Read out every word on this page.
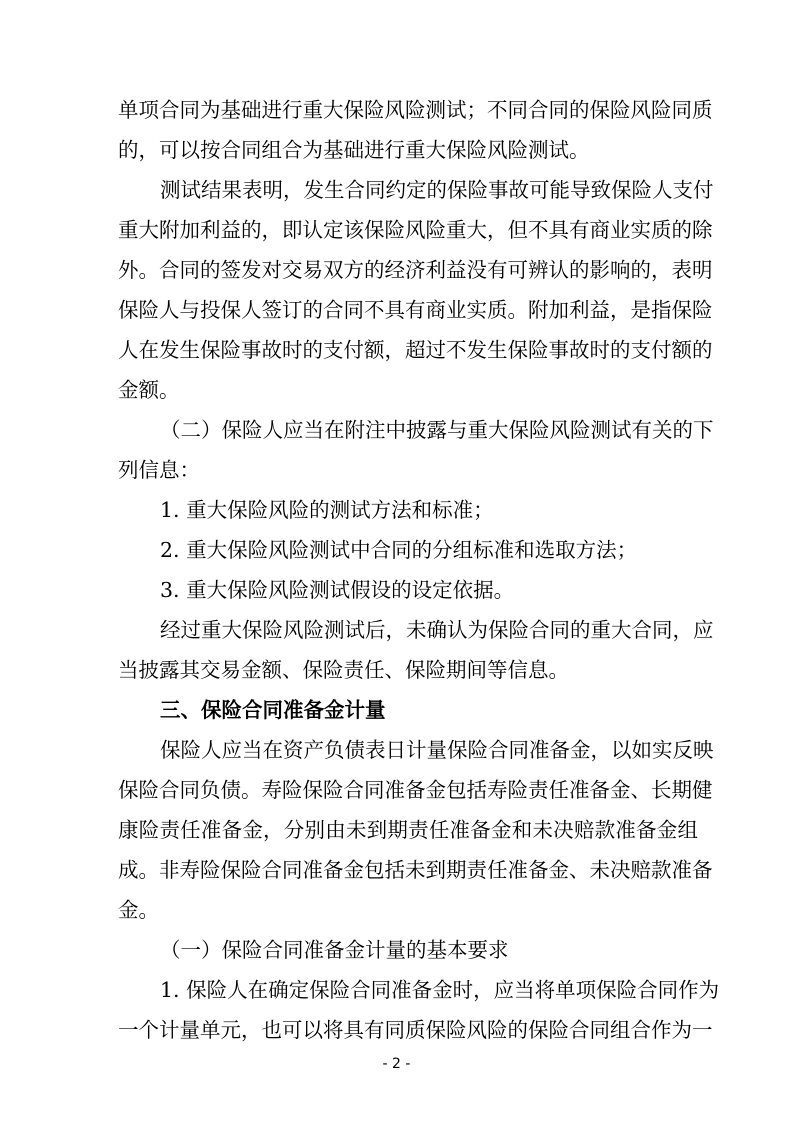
单项合同为基础进行重大保险风险测试；不同合同的保险风险同质
的，可以按合同组合为基础进行重大保险风险测试。
测试结果表明，发生合同约定的保险事故可能导致保险人支付
重大附加利益的，即认定该保险风险重大，但不具有商业实质的除
外。合同的签发对交易双方的经济利益没有可辨认的影响的，表明
保险人与投保人签订的合同不具有商业实质。附加利益，是指保险
人在发生保险事故时的支付额，超过不发生保险事故时的支付额的
金额。
（二）保险人应当在附注中披露与重大保险风险测试有关的下
列信息：
1. 重大保险风险的测试方法和标准；
2. 重大保险风险测试中合同的分组标准和选取方法；
3. 重大保险风险测试假设的设定依据。
经过重大保险风险测试后，未确认为保险合同的重大合同，应
当披露其交易金额、保险责任、保险期间等信息。
三、保险合同准备金计量
保险人应当在资产负债表日计量保险合同准备金，以如实反映
保险合同负债。寿险保险合同准备金包括寿险责任准备金、长期健
康险责任准备金，分别由未到期责任准备金和未决赔款准备金组
成。非寿险保险合同准备金包括未到期责任准备金、未决赔款准备
金。
（一）保险合同准备金计量的基本要求
1. 保险人在确定保险合同准备金时，应当将单项保险合同作为
一个计量单元，也可以将具有同质保险风险的保险合同组合作为一
- 2 -
